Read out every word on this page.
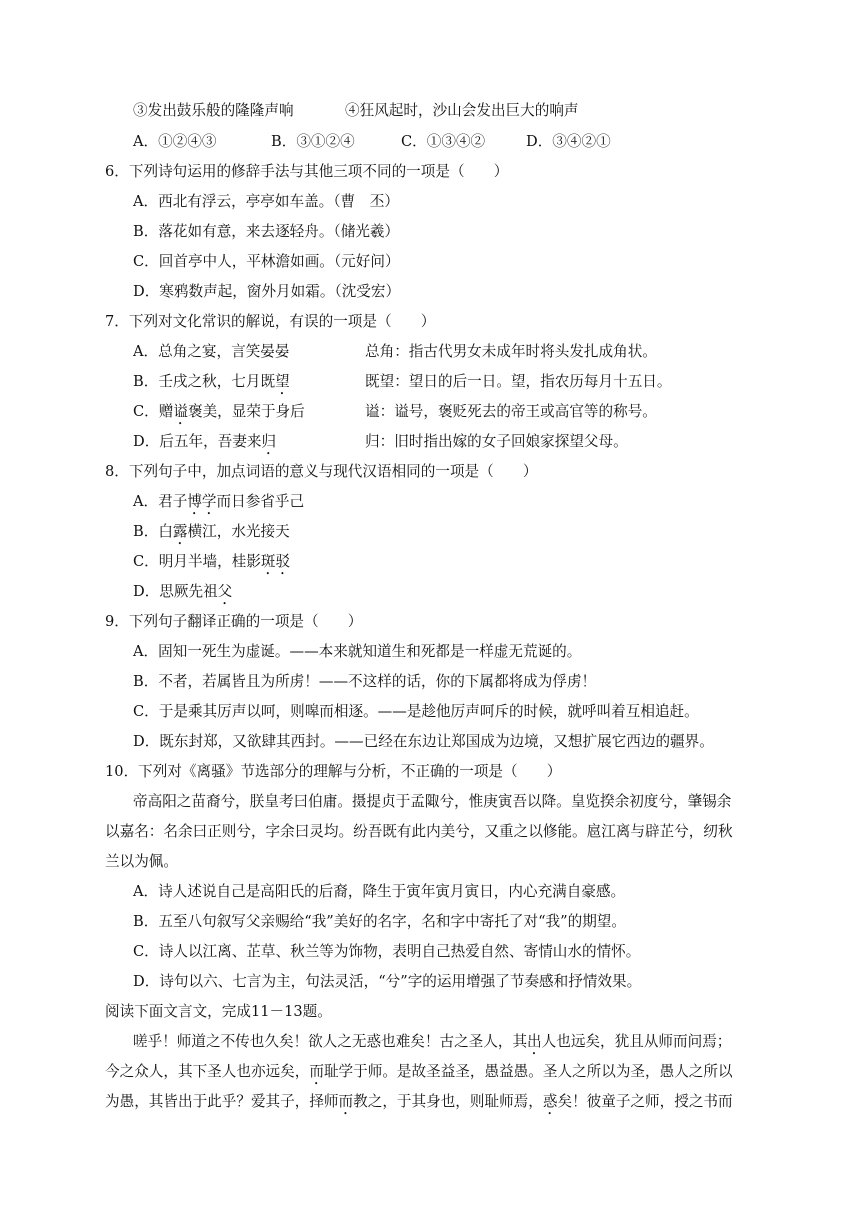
③发出鼓乐般的隆隆声响	④狂风起时，沙山会发出巨大的响声
A．①②④③	B．③①②④	C．①③④②	D．③④②①
6．下列诗句运用的修辞手法与其他三项不同的一项是（　　）
A．西北有浮云，亭亭如车盖。（曹　丕）
B．落花如有意，来去逐轻舟。（储光羲）
C．回首亭中人，平林澹如画。（元好问）
D．寒鸦数声起，窗外月如霜。（沈受宏）
7．下列对文化常识的解说，有误的一项是（　　）
A．总角之宴，言笑晏晏	总角：指古代男女未成年时将头发扎成角状。
B．壬戌之秋，七月既望	既望：望日的后一日。望，指农历每月十五日。
C．赠谥褒美，显荣于身后	谥：谥号，褒贬死去的帝王或高官等的称号。
D．后五年，吾妻来归	归：旧时指出嫁的女子回娘家探望父母。
8．下列句子中，加点词语的意义与现代汉语相同的一项是（　　）
A．君子博学而日参省乎己
B．白露横江，水光接天
C．明月半墙，桂影斑驳
D．思厥先祖父
9．下列句子翻译正确的一项是（　　）
A．固知一死生为虚诞。——本来就知道生和死都是一样虚无荒诞的。
B．不者，若属皆且为所虏！——不这样的话，你的下属都将成为俘虏！
C．于是乘其厉声以呵，则嗥而相逐。——是趁他厉声呵斥的时候，就呼叫着互相追赶。
D．既东封郑，又欲肆其西封。——已经在东边让郑国成为边境，又想扩展它西边的疆界。
10．下列对《离骚》节选部分的理解与分析，不正确的一项是（　　）
帝高阳之苗裔兮，朕皇考曰伯庸。摄提贞于孟陬兮，惟庚寅吾以降。皇览揆余初度兮，肇锡余
以嘉名：名余曰正则兮，字余曰灵均。纷吾既有此内美兮，又重之以修能。扈江离与辟芷兮，纫秋
兰以为佩。
A．诗人述说自己是高阳氏的后裔，降生于寅年寅月寅日，内心充满自豪感。
B．五至八句叙写父亲赐给“我”美好的名字，名和字中寄托了对“我”的期望。
C．诗人以江离、芷草、秋兰等为饰物，表明自己热爱自然、寄情山水的情怀。
D．诗句以六、七言为主，句法灵活，“兮”字的运用增强了节奏感和抒情效果。
阅读下面文言文，完成11－13题。
嗟乎！师道之不传也久矣！欲人之无惑也难矣！古之圣人，其出人也远矣，犹且从师而问焉；
今之众人，其下圣人也亦远矣，而耻学于师。是故圣益圣，愚益愚。圣人之所以为圣，愚人之所以
为愚，其皆出于此乎？爱其子，择师而教之，于其身也，则耻师焉，惑矣！彼童子之师，授之书而
